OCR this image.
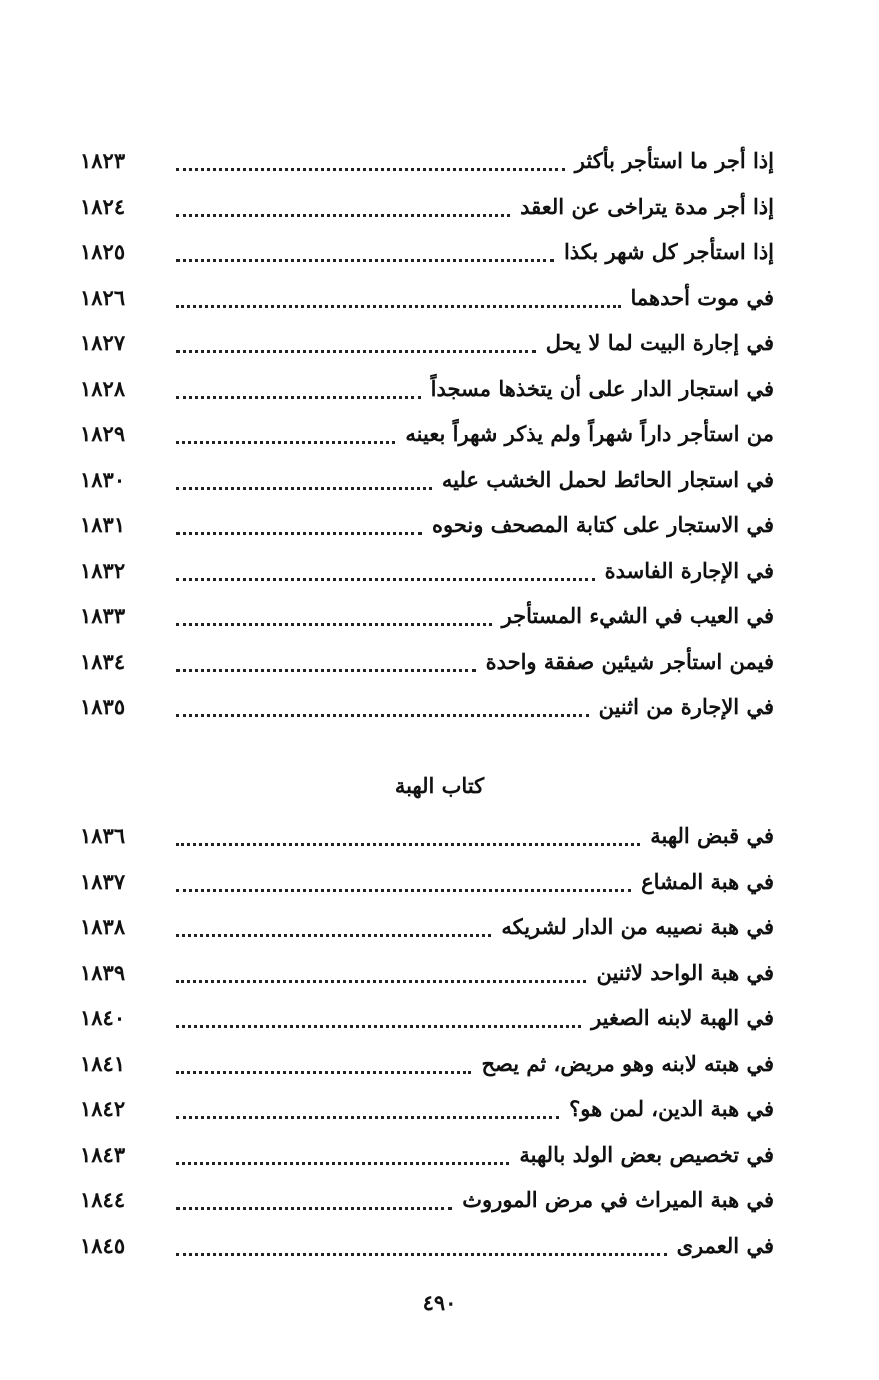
إذا أجر ما استأجر بأكثر
١٨٢٣
إذا أجر مدة يتراخى عن العقد
١٨٢٤
إذا استأجر كل شهر بكذا
١٨٢٥
في موت أحدهما
١٨٢٦
في إجارة البيت لما لا يحل
١٨٢٧
في استجار الدار على أن يتخذها مسجداً
١٨٢٨
من استأجر داراً شهراً ولم يذكر شهراً بعينه
١٨٢٩
في استجار الحائط لحمل الخشب عليه
١٨٣٠
في الاستجار على كتابة المصحف ونحوه
١٨٣١
في الإجارة الفاسدة
١٨٣٢
في العيب في الشيء المستأجر
١٨٣٣
فيمن استأجر شيئين صفقة واحدة
١٨٣٤
في الإجارة من اثنين
١٨٣٥
كتاب الهبة
في قبض الهبة
١٨٣٦
في هبة المشاع
١٨٣٧
في هبة نصيبه من الدار لشريكه
١٨٣٨
في هبة الواحد لاثنين
١٨٣٩
في الهبة لابنه الصغير
١٨٤٠
في هبته لابنه وهو مريض، ثم يصح
١٨٤١
في هبة الدين، لمن هو؟
١٨٤٢
في تخصيص بعض الولد بالهبة
١٨٤٣
في هبة الميراث في مرض الموروث
١٨٤٤
في العمرى
١٨٤٥
٤٩٠
